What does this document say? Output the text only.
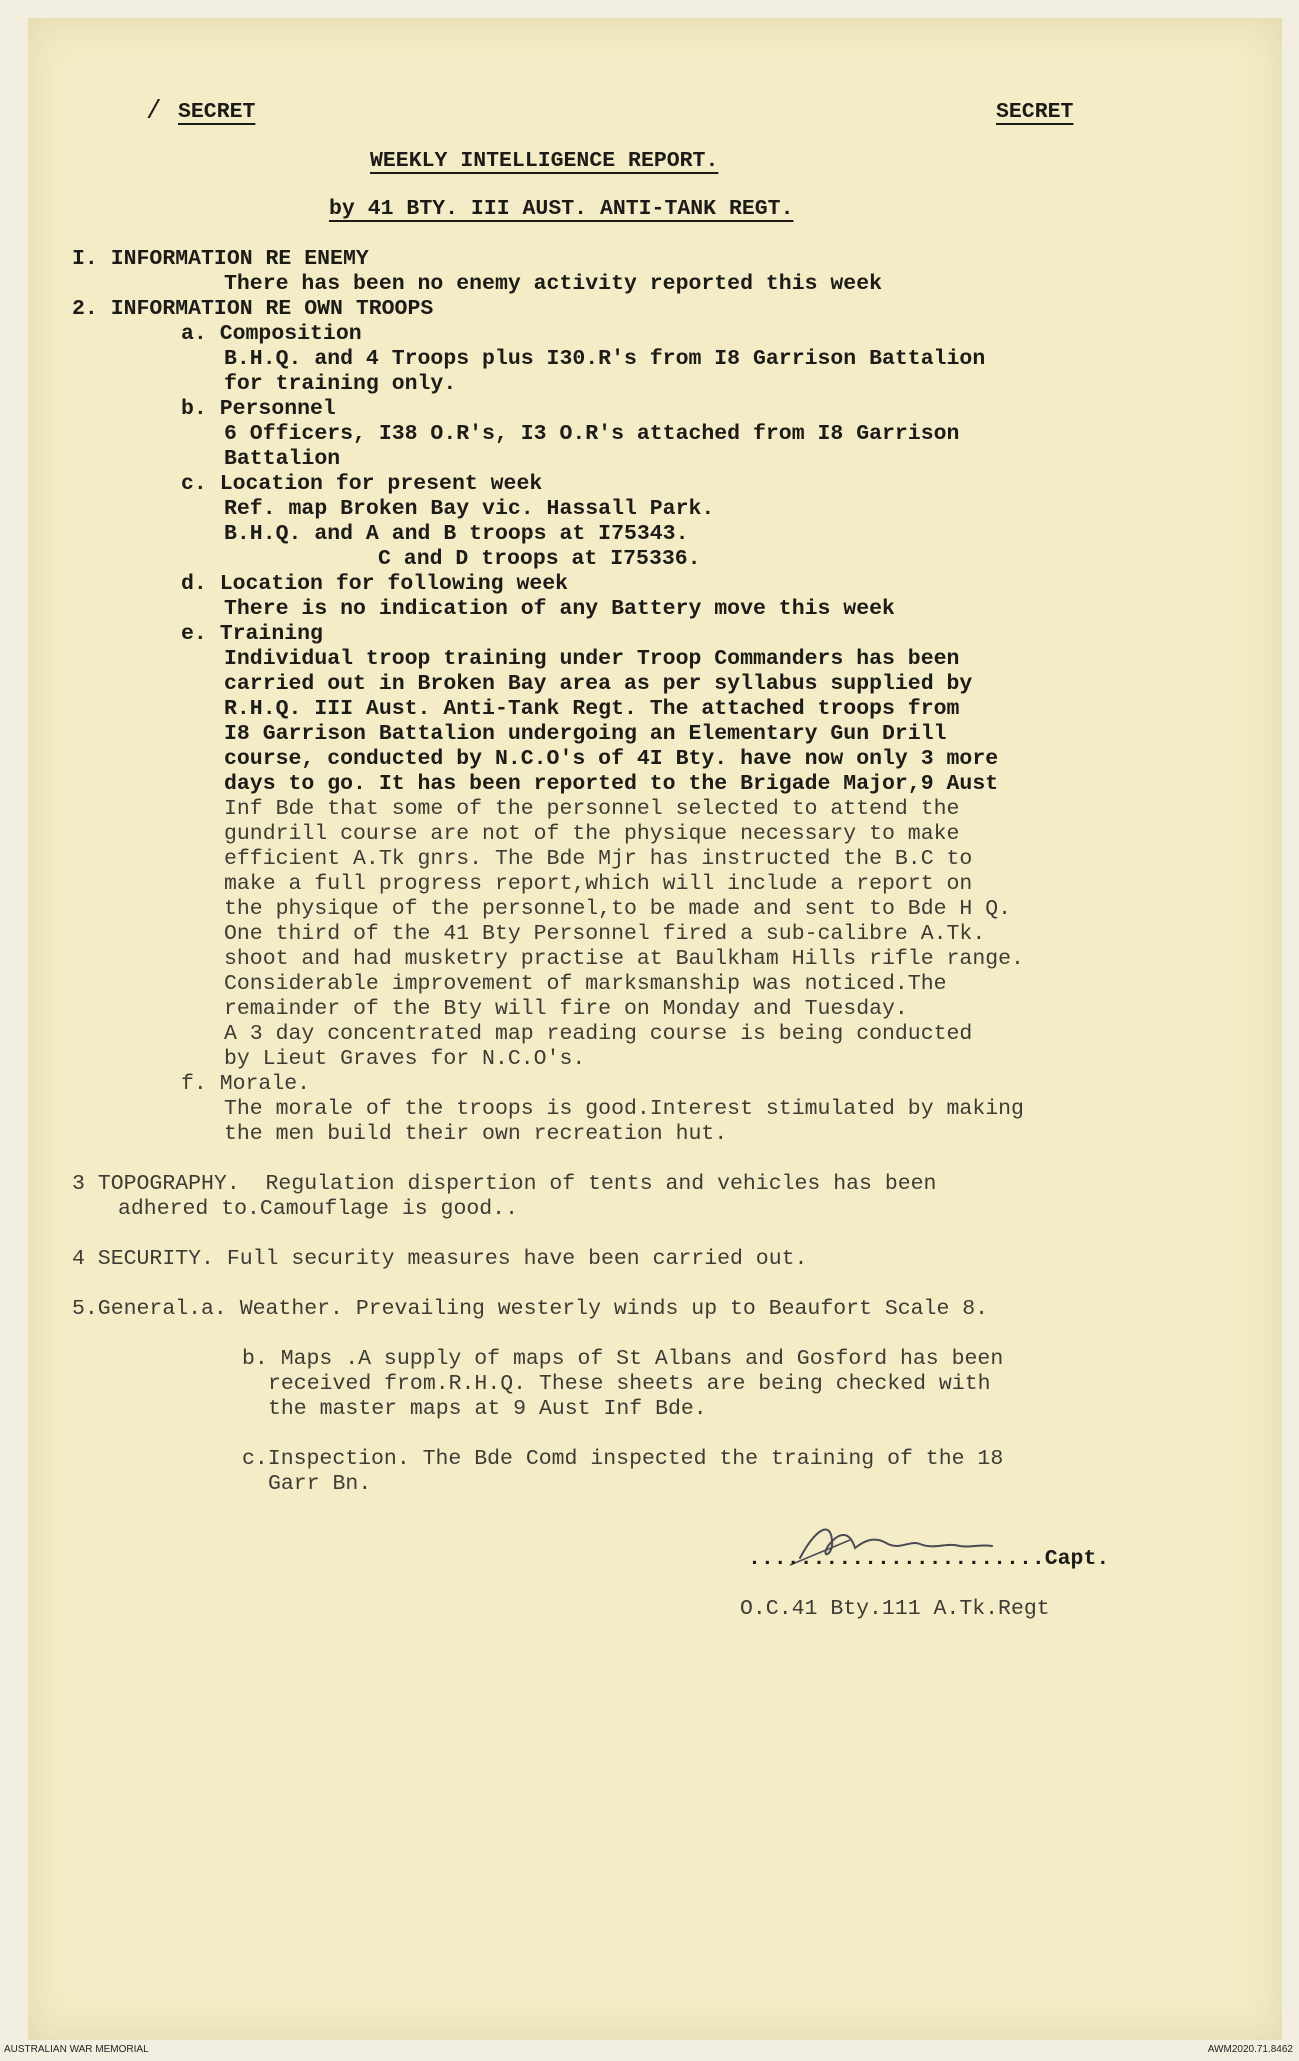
/ SECRET	SECRET
WEEKLY INTELLIGENCE REPORT.
by 41 BTY. III AUST. ANTI-TANK REGT.
I. INFORMATION RE ENEMY
There has been no enemy activity reported this week
2. INFORMATION RE OWN TROOPS
a. Composition
B.H.Q. and 4 Troops plus I30.R's from I8 Garrison Battalion
for training only.
b. Personnel
6 Officers, I38 O.R's, I3 O.R's attached from I8 Garrison
Battalion
c. Location for present week
Ref. map Broken Bay vic. Hassall Park.
B.H.Q. and A and B troops at I75343.
C and D troops at I75336.
d. Location for following week
There is no indication of any Battery move this week
e. Training
Individual troop training under Troop Commanders has been
carried out in Broken Bay area as per syllabus supplied by
R.H.Q. III Aust. Anti-Tank Regt. The attached troops from
I8 Garrison Battalion undergoing an Elementary Gun Drill
course, conducted by N.C.O's of 4I Bty. have now only 3 more
days to go. It has been reported to the Brigade Major,9 Aust
Inf Bde that some of the personnel selected to attend the
gundrill course are not of the physique necessary to make
efficient A.Tk gnrs. The Bde Mjr has instructed the B.C to
make a full progress report,which will include a report on
the physique of the personnel,to be made and sent to Bde H Q.
One third of the 41 Bty Personnel fired a sub-calibre A.Tk.
shoot and had musketry practise at Baulkham Hills rifle range.
Considerable improvement of marksmanship was noticed.The
remainder of the Bty will fire on Monday and Tuesday.
A 3 day concentrated map reading course is being conducted
by Lieut Graves for N.C.O's.
f. Morale.
The morale of the troops is good.Interest stimulated by making
the men build their own recreation hut.
3 TOPOGRAPHY.  Regulation dispertion of tents and vehicles has been
adhered to.Camouflage is good..
4 SECURITY. Full security measures have been carried out.
5.General.a. Weather. Prevailing westerly winds up to Beaufort Scale 8.
b. Maps .A supply of maps of St Albans and Gosford has been
received from.R.H.Q. These sheets are being checked with
the master maps at 9 Aust Inf Bde.
c.Inspection. The Bde Comd inspected the training of the 18
Garr Bn.
.......................Capt.
O.C.41 Bty.111 A.Tk.Regt
AUSTRALIAN WAR MEMORIAL	AWM2020.71.8462
